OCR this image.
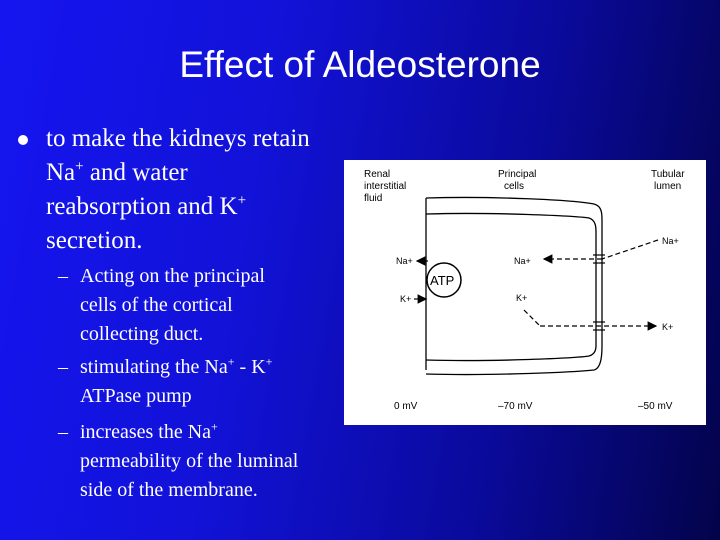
Effect of Aldeosterone
to make the kidneys retain
Na+ and water
reabsorption and K+
secretion.
– Acting on the principal
cells of the cortical
collecting duct.
– stimulating the Na+ - K+
ATPase pump
– increases the Na+
permeability of the luminal
side of the membrane.
Renal
interstitial
fluid
Principal
cells
Tubular
lumen
ATP
Na+
K+
Na+
K+
Na+
K+
0 mV	–70 mV	–50 mV
